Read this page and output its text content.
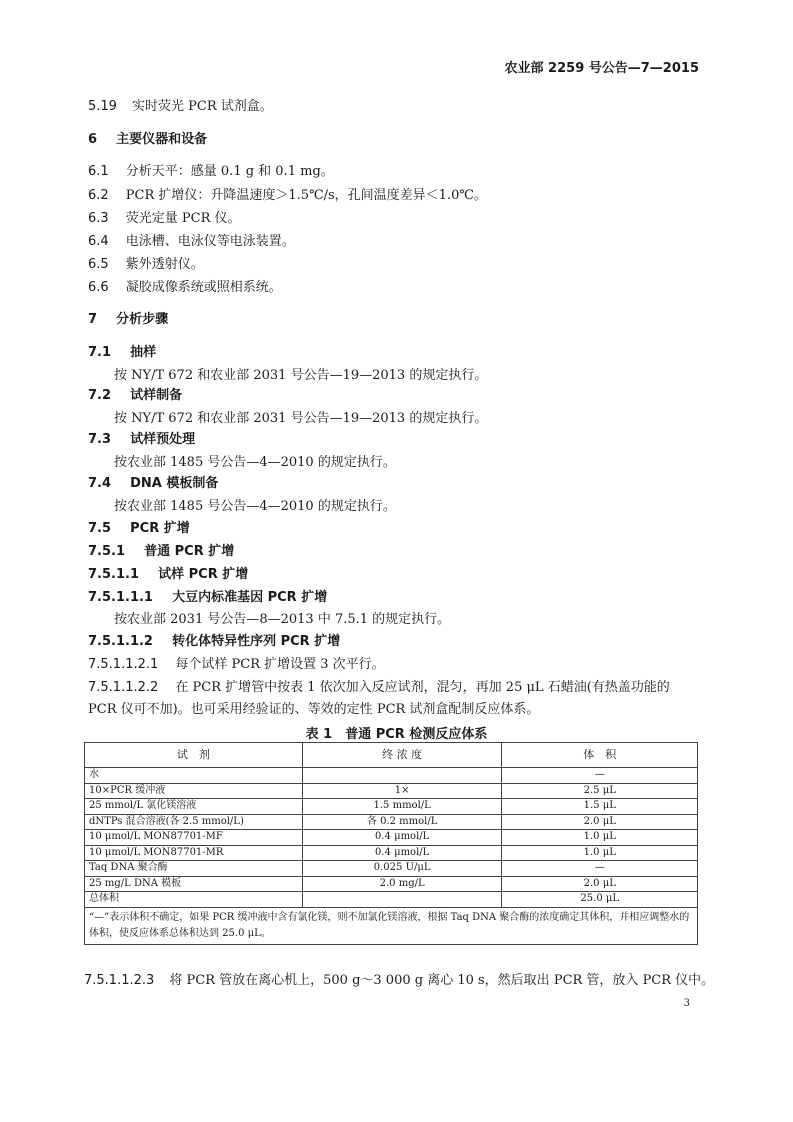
农业部 2259 号公告—7—2015
5.19 实时荧光 PCR 试剂盒。
6 主要仪器和设备
6.1 分析天平：感量 0.1 g 和 0.1 mg。
6.2 PCR 扩增仪：升降温速度＞1.5℃/s，孔间温度差异＜1.0℃。
6.3 荧光定量 PCR 仪。
6.4 电泳槽、电泳仪等电泳装置。
6.5 紫外透射仪。
6.6 凝胶成像系统或照相系统。
7 分析步骤
7.1 抽样
按 NY/T 672 和农业部 2031 号公告—19—2013 的规定执行。
7.2 试样制备
按 NY/T 672 和农业部 2031 号公告—19—2013 的规定执行。
7.3 试样预处理
按农业部 1485 号公告—4—2010 的规定执行。
7.4 DNA 模板制备
按农业部 1485 号公告—4—2010 的规定执行。
7.5 PCR 扩增
7.5.1 普通 PCR 扩增
7.5.1.1 试样 PCR 扩增
7.5.1.1.1 大豆内标准基因 PCR 扩增
按农业部 2031 号公告—8—2013 中 7.5.1 的规定执行。
7.5.1.1.2 转化体特异性序列 PCR 扩增
7.5.1.1.2.1 每个试样 PCR 扩增设置 3 次平行。
7.5.1.1.2.2 在 PCR 扩增管中按表 1 依次加入反应试剂，混匀，再加 25 μL 石蜡油(有热盖功能的
PCR 仪可不加)。也可采用经验证的、等效的定性 PCR 试剂盒配制反应体系。
表 1　普通 PCR 检测反应体系
试　剂	终 浓 度	体　积
水		—
10×PCR 缓冲液	1×	2.5 μL
25 mmol/L 氯化镁溶液	1.5 mmol/L	1.5 μL
dNTPs 混合溶液(各 2.5 mmol/L)	各 0.2 mmol/L	2.0 μL
10 μmol/L MON87701-MF	0.4 μmol/L	1.0 μL
10 μmol/L MON87701-MR	0.4 μmol/L	1.0 μL
Taq DNA 聚合酶	0.025 U/μL	—
25 mg/L DNA 模板	2.0 mg/L	2.0 μL
总体积		25.0 μL
“—”表示体积不确定，如果 PCR 缓冲液中含有氯化镁，则不加氯化镁溶液，根据 Taq DNA 聚合酶的浓度确定其体积，并相应调整水的体积，使反应体系总体积达到 25.0 μL。		
7.5.1.1.2.3 将 PCR 管放在离心机上，500 g～3 000 g 离心 10 s，然后取出 PCR 管，放入 PCR 仪中。
3
